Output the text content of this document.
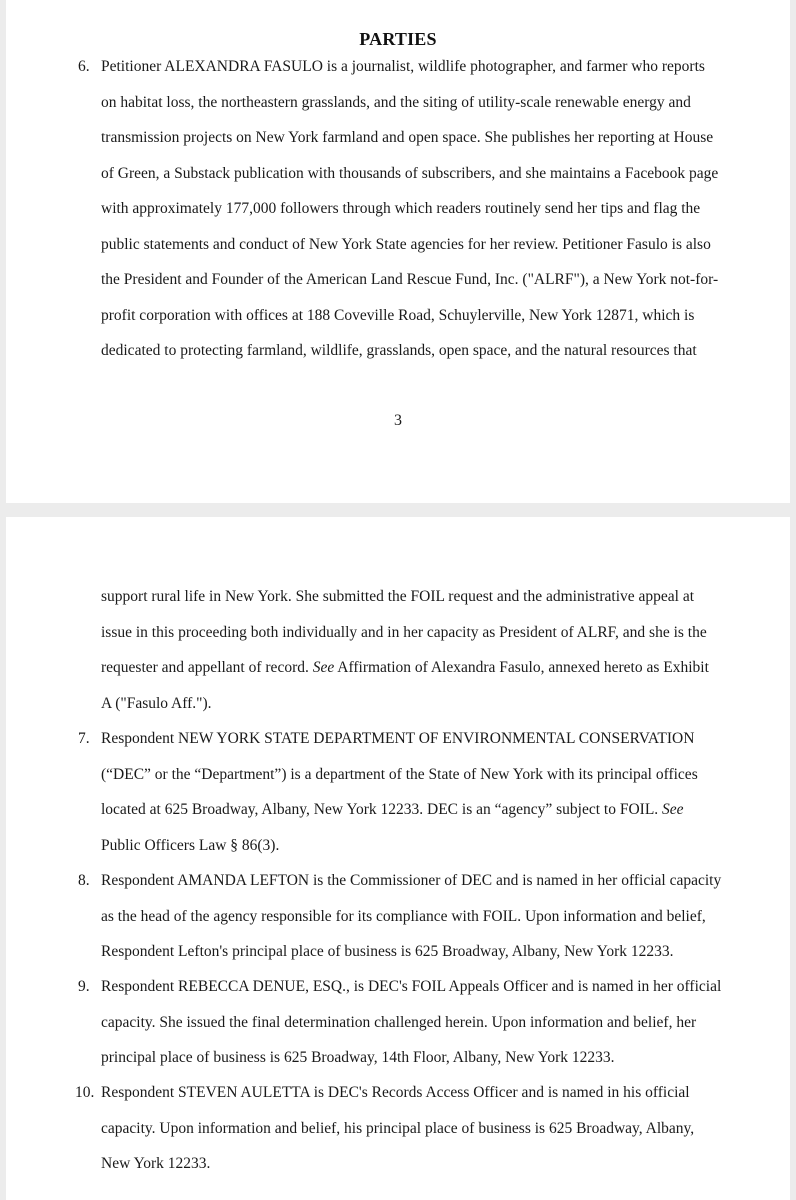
PARTIES
6. Petitioner ALEXANDRA FASULO is a journalist, wildlife photographer, and farmer who reports
on habitat loss, the northeastern grasslands, and the siting of utility-scale renewable energy and
transmission projects on New York farmland and open space. She publishes her reporting at House
of Green, a Substack publication with thousands of subscribers, and she maintains a Facebook page
with approximately 177,000 followers through which readers routinely send her tips and flag the
public statements and conduct of New York State agencies for her review. Petitioner Fasulo is also
the President and Founder of the American Land Rescue Fund, Inc. ("ALRF"), a New York not-for-
profit corporation with offices at 188 Coveville Road, Schuylerville, New York 12871, which is
dedicated to protecting farmland, wildlife, grasslands, open space, and the natural resources that
3
support rural life in New York. She submitted the FOIL request and the administrative appeal at
issue in this proceeding both individually and in her capacity as President of ALRF, and she is the
requester and appellant of record. See Affirmation of Alexandra Fasulo, annexed hereto as Exhibit
A ("Fasulo Aff.").
7. Respondent NEW YORK STATE DEPARTMENT OF ENVIRONMENTAL CONSERVATION
(“DEC” or the “Department”) is a department of the State of New York with its principal offices
located at 625 Broadway, Albany, New York 12233. DEC is an “agency” subject to FOIL. See
Public Officers Law § 86(3).
8. Respondent AMANDA LEFTON is the Commissioner of DEC and is named in her official capacity
as the head of the agency responsible for its compliance with FOIL. Upon information and belief,
Respondent Lefton's principal place of business is 625 Broadway, Albany, New York 12233.
9. Respondent REBECCA DENUE, ESQ., is DEC's FOIL Appeals Officer and is named in her official
capacity. She issued the final determination challenged herein. Upon information and belief, her
principal place of business is 625 Broadway, 14th Floor, Albany, New York 12233.
10. Respondent STEVEN AULETTA is DEC's Records Access Officer and is named in his official
capacity. Upon information and belief, his principal place of business is 625 Broadway, Albany,
New York 12233.
